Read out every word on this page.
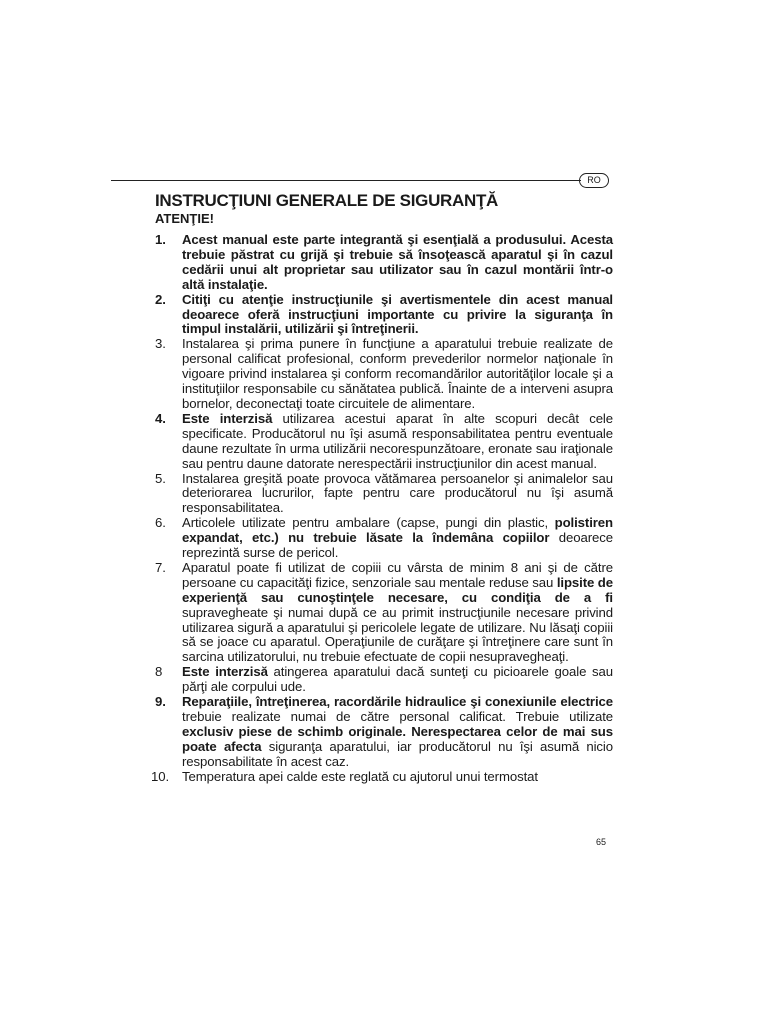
RO
INSTRUCŢIUNI GENERALE DE SIGURANŢĂ
ATENŢIE!
1.	Acest manual este parte integrantă şi esenţială a produsului. Acesta trebuie păstrat cu grijă şi trebuie să însoţească aparatul şi în cazul cedării unui alt proprietar sau utilizator sau în cazul montării într-o altă instalaţie.
2.	Citiţi cu atenţie instrucţiunile şi avertismentele din acest manual deoarece oferă instrucţiuni importante cu privire la siguranţa în timpul instalării, utilizării şi întreţinerii.
3.	Instalarea şi prima punere în funcţiune a aparatului trebuie realizate de personal calificat profesional, conform prevederilor normelor naţionale în vigoare privind instalarea şi conform recomandărilor autorităţilor locale şi a instituţiilor responsabile cu sănătatea publică. Înainte de a interveni asupra bornelor, deconectaţi toate circuitele de alimentare.
4.	Este interzisă utilizarea acestui aparat în alte scopuri decât cele specificate. Producătorul nu îşi asumă responsabilitatea pentru eventuale daune rezultate în urma utilizării necorespunzătoare, eronate sau iraţionale sau pentru daune datorate nerespectării instrucţiunilor din acest manual.
5.	Instalarea greşită poate provoca vătămarea persoanelor şi animalelor sau deteriorarea lucrurilor, fapte pentru care producătorul nu îşi asumă responsabilitatea.
6.	Articolele utilizate pentru ambalare (capse, pungi din plastic, polistiren expandat, etc.) nu trebuie lăsate la îndemâna copiilor deoarece reprezintă surse de pericol.
7.	Aparatul poate fi utilizat de copiii cu vârsta de minim 8 ani şi de către persoane cu capacităţi fizice, senzoriale sau mentale reduse sau lipsite de experienţă sau cunoştinţele necesare, cu condiţia de a fi supravegheate şi numai după ce au primit instrucţiunile necesare privind utilizarea sigură a aparatului şi pericolele legate de utilizare. Nu lăsaţi copiii să se joace cu aparatul. Operaţiunile de curăţare şi întreţinere care sunt în sarcina utilizatorului, nu trebuie efectuate de copii nesupravegheaţi.
8	Este interzisă atingerea aparatului dacă sunteţi cu picioarele goale sau părţi ale corpului ude.
9.	Reparaţiile, întreţinerea, racordările hidraulice şi conexiunile electrice trebuie realizate numai de către personal calificat. Trebuie utilizate exclusiv piese de schimb originale. Nerespectarea celor de mai sus poate afecta siguranţa aparatului, iar producătorul nu îşi asumă nicio responsabilitate în acest caz.
10. Temperatura apei calde este reglată cu ajutorul unui termostat
65
